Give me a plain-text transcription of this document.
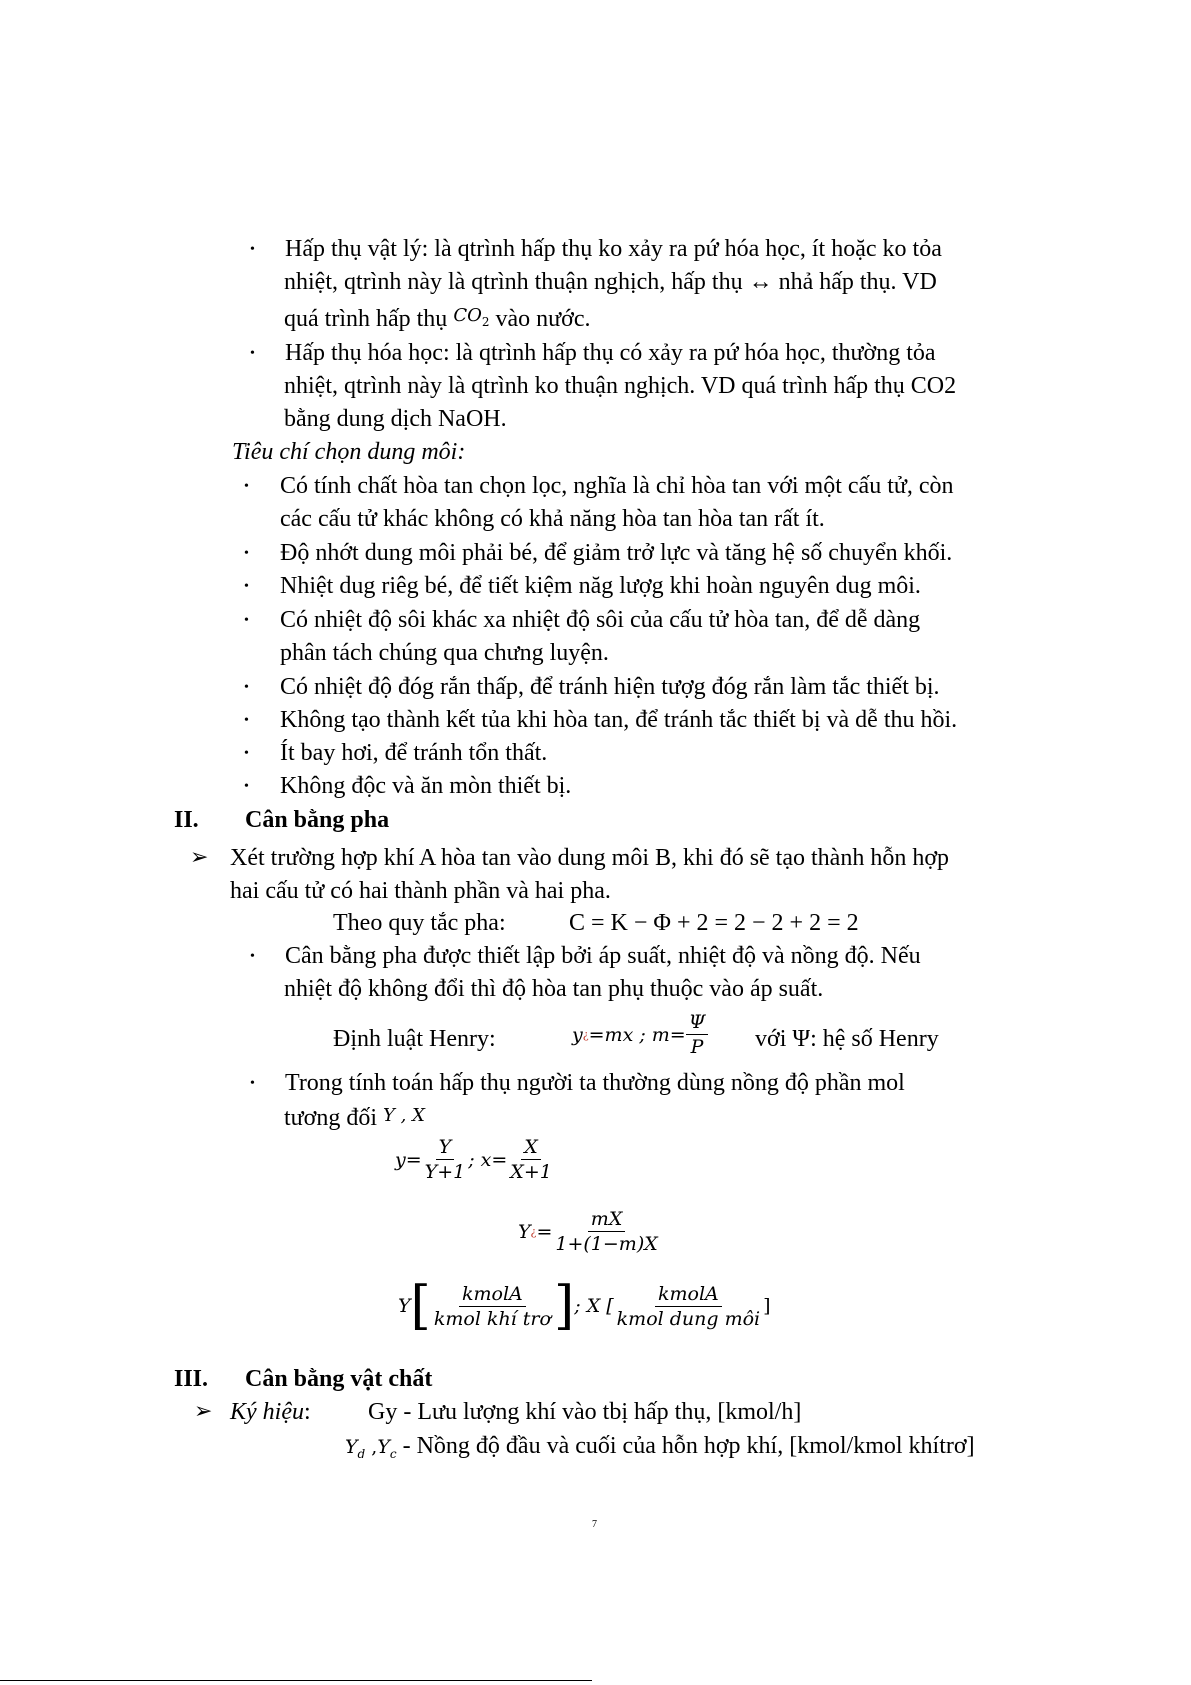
• Hấp thụ vật lý: là qtrình hấp thụ ko xảy ra pứ hóa học, ít hoặc ko tỏa
nhiệt, qtrình này là qtrình thuận nghịch, hấp thụ ↔ nhả hấp thụ. VD
quá trình hấp thụ $^{CO_2}$ vào nước.
• Hấp thụ hóa học: là qtrình hấp thụ có xảy ra pứ hóa học, thường tỏa
nhiệt, qtrình này là qtrình ko thuận nghịch. VD quá trình hấp thụ CO2
bằng dung dịch NaOH.
Tiêu chí chọn dung môi:
• Có tính chất hòa tan chọn lọc, nghĩa là chỉ hòa tan với một cấu tử, còn
các cấu tử khác không có khả năng hòa tan hòa tan rất ít.
• Độ nhớt dung môi phải bé, để giảm trở lực và tăng hệ số chuyển khối.
• Nhiệt dug riêg bé, để tiết kiệm năg lượg khi hoàn nguyên dug môi.
• Có nhiệt độ sôi khác xa nhiệt độ sôi của cấu tử hòa tan, để dễ dàng
phân tách chúng qua chưng luyện.
• Có nhiệt độ đóg rắn thấp, để tránh hiện tượg đóg rắn làm tắc thiết bị.
• Không tạo thành kết tủa khi hòa tan, để tránh tắc thiết bị và dễ thu hồi.
• Ít bay hơi, để tránh tổn thất.
• Không độc và ăn mòn thiết bị.
II. Cân bằng pha
➢ Xét trường hợp khí A hòa tan vào dung môi B, khi đó sẽ tạo thành hỗn hợp
hai cấu tử có hai thành phần và hai pha.
Theo quy tắc pha:	C = K − Φ + 2 = 2 − 2 + 2 = 2
• Cân bằng pha được thiết lập bởi áp suất, nhiệt độ và nồng độ. Nếu
nhiệt độ không đổi thì độ hòa tan phụ thuộc vào áp suất.
Định luật Henry:	y ¿ =mx ; $m= \frac{\Psi}{P}$ với Ψ: hệ số Henry
• Trong tính toán hấp thụ người ta thường dùng nồng độ phần mol
tương đối Y , X
$y= \frac{Y}{Y+1}$ ; $x= \frac{X}{X+1}$
Y ¿ = $\frac{mX}{1+(1-m)X}$
Y [ $\frac{\text{kmolA}}{\text{kmol khí trơ}}$ ] ; X [ $\frac{\text{kmolA}}{\text{kmol dung môi}}$ ]
III. Cân bằng vật chất
➢ Ký hiệu: Gy - Lưu lượng khí vào tbị hấp thụ, [kmol/h]
$Y_d$ $,Y_c$ - Nồng độ đầu và cuối của hỗn hợp khí, [kmol/kmol khítrơ]
7
